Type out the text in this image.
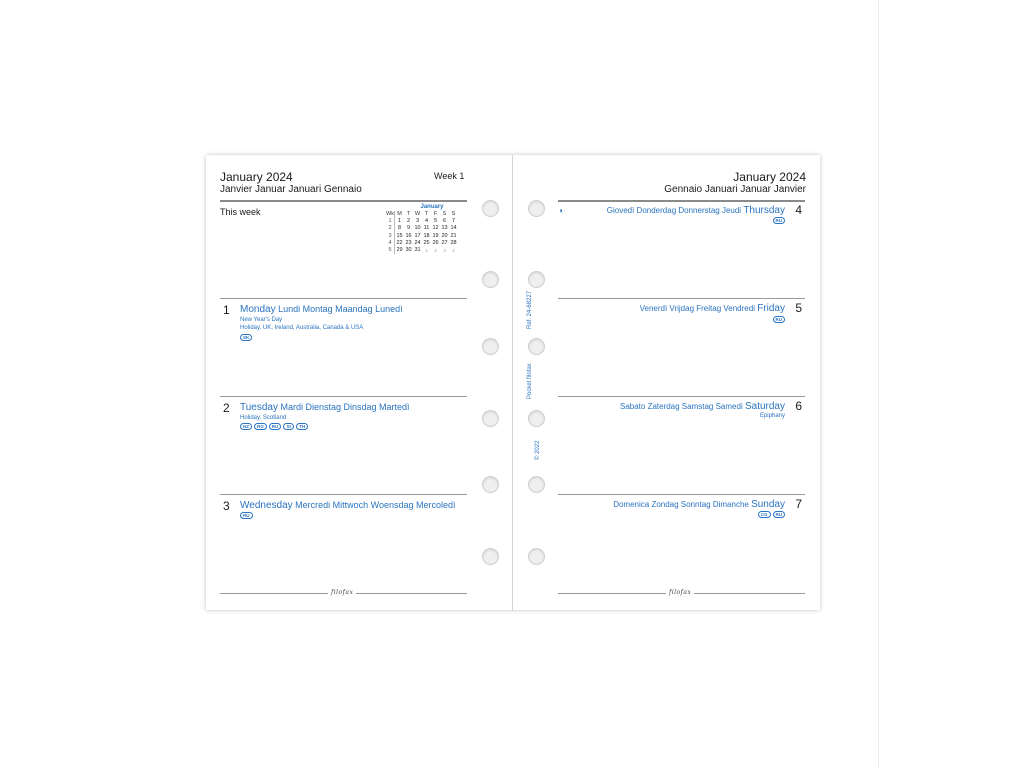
January 2024
Janvier Januar Januari Gennaio
Week 1
This week	January
Wk M T W T	F S S
1	1	2	3	4	5	6	7
2	8	9 10 11 12 13 14
3 15 16 17 18 19 20 21
4 22 23 24 25 26 27 28
5 29 30 31	1	2	3	4
1 Monday Lundi Montag Maandag Lunedì
New Year's Day
Holiday, UK, Ireland, Australia, Canada & USA
SK
2 Tuesday Mardi Dienstag Dinsdag Martedì
Holiday, Scotland
NZ	RO	RU	SI	TH
3 Wednesday Mercredi Mittwoch Woensdag Mercoledì
RU
filofax
Ref. 24-68227
Pocket filofax
© 2022
January 2024
Gennaio Januari Januar Janvier
◑	Giovedì Donderdag Donnerstag Jeudi Thursday 4
RU
Venerdì Vrijdag Freitag Vendredi Friday 5
RU
Sabato Zaterdag Samstag Samedi Saturday 6
Epiphany
Domenica Zondag Sonntag Dimanche Sunday 7
CG	RU
filofax
